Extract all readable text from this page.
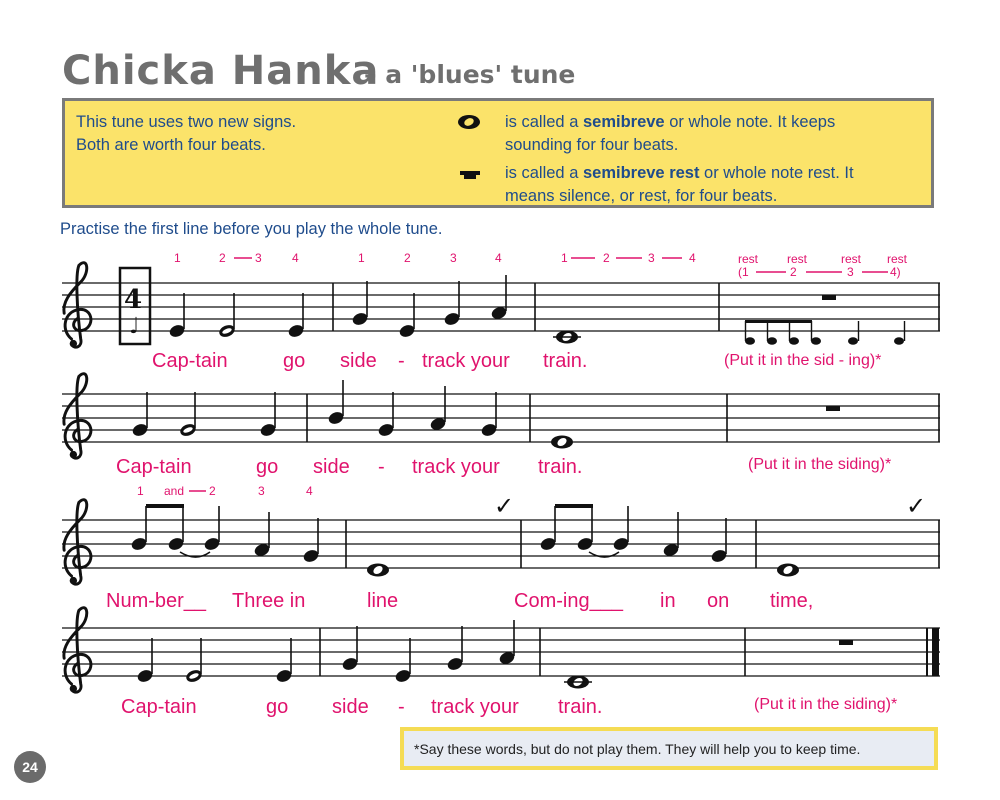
Chicka Hanka
– a 'blues' tune
This tune uses two new signs.
Both are worth four beats.
is called a semibreve or whole note. It keeps
sounding for four beats.
is called a semibreve rest or whole note rest. It
means silence, or rest, for four beats.
Practise the first line before you play the whole tune.
4
♩
✓	✓
1	2 3	4	1	2	3	4	1	2	3	4	rest rest	rest rest
(1	2	3	4)
Cap-tain	go side - track your train.	(Put it in the sid - ing)*
Cap-tain	go side - track your train.	(Put it in the siding)*
1 and 2	3	4
Num-ber__ Three in	line	Com-ing___ in on time,
Cap-tain	go side - track your train.	(Put it in the siding)*
*Say these words, but do not play them. They will help you to keep time.
24
